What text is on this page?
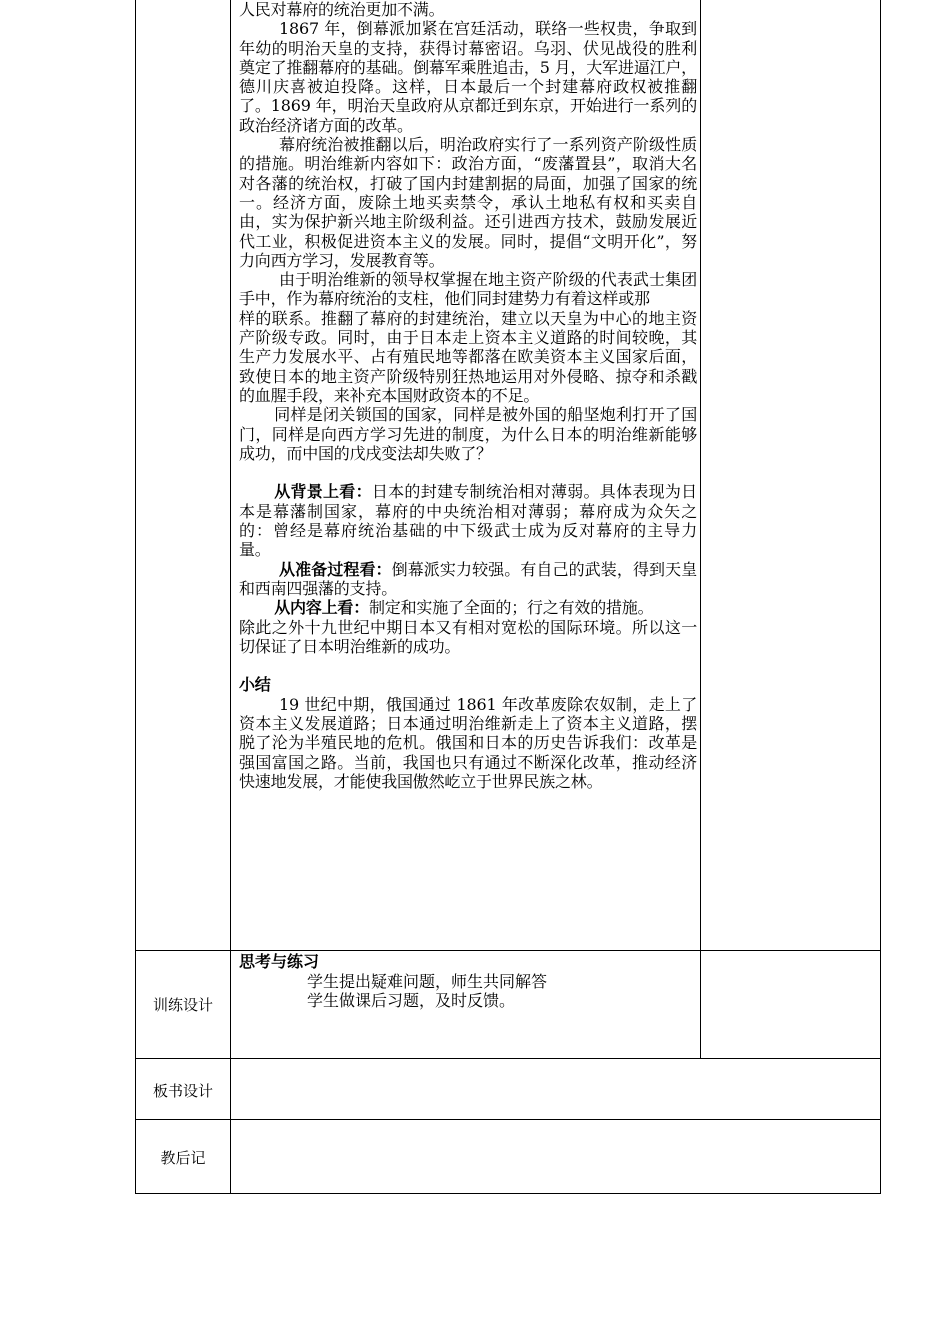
人民对幕府的统治更加不满。

1867 年，倒幕派加紧在宫廷活动，联络一些权贵，争取到年幼的明治天皇的支持，获得讨幕密诏。乌羽、伏见战役的胜利奠定了推翻幕府的基础。倒幕军乘胜追击，5 月，大军进逼江户，德川庆喜被迫投降。这样，日本最后一个封建幕府政权被推翻了。1869 年，明治天皇政府从京都迁到东京，开始进行一系列的政治经济诸方面的改革。

幕府统治被推翻以后，明治政府实行了一系列资产阶级性质的措施。明治维新内容如下：政治方面，“废藩置县”，取消大名对各藩的统治权，打破了国内封建割据的局面，加强了国家的统一。经济方面，废除土地买卖禁令，承认土地私有权和买卖自由，实为保护新兴地主阶级利益。还引进西方技术，鼓励发展近代工业，积极促进资本主义的发展。同时，提倡“文明开化”，努力向西方学习，发展教育等。

由于明治维新的领导权掌握在地主资产阶级的代表武士集团手中，作为幕府统治的支柱，他们同封建势力有着这样或那

样的联系。推翻了幕府的封建统治，建立以天皇为中心的地主资产阶级专政。同时，由于日本走上资本主义道路的时间较晚，其生产力发展水平、占有殖民地等都落在欧美资本主义国家后面，致使日本的地主资产阶级特别狂热地运用对外侵略、掠夺和杀戳的血腥手段，来补充本国财政资本的不足。

同样是闭关锁国的国家，同样是被外国的船坚炮利打开了国门，同样是向西方学习先进的制度，为什么日本的明治维新能够成功，而中国的戊戌变法却失败了？

从背景上看：日本的封建专制统治相对薄弱。具体表现为日本是幕藩制国家，幕府的中央统治相对薄弱；幕府成为众矢之的：曾经是幕府统治基础的中下级武士成为反对幕府的主导力量。

从准备过程看：倒幕派实力较强。有自己的武装，得到天皇和西南四强藩的支持。

从内容上看：制定和实施了全面的；行之有效的措施。

除此之外十九世纪中期日本又有相对宽松的国际环境。所以这一切保证了日本明治维新的成功。

小结

19 世纪中期，俄国通过 1861 年改革废除农奴制，走上了资本主义发展道路；日本通过明治维新走上了资本主义道路，摆脱了沦为半殖民地的危机。俄国和日本的历史告诉我们：改革是强国富国之路。当前，我国也只有通过不断深化改革，推动经济快速地发展，才能使我国傲然屹立于世界民族之林。

训练设计

思考与练习

学生提出疑难问题，师生共同解答

学生做课后习题，及时反馈。

板书设计
教后记
